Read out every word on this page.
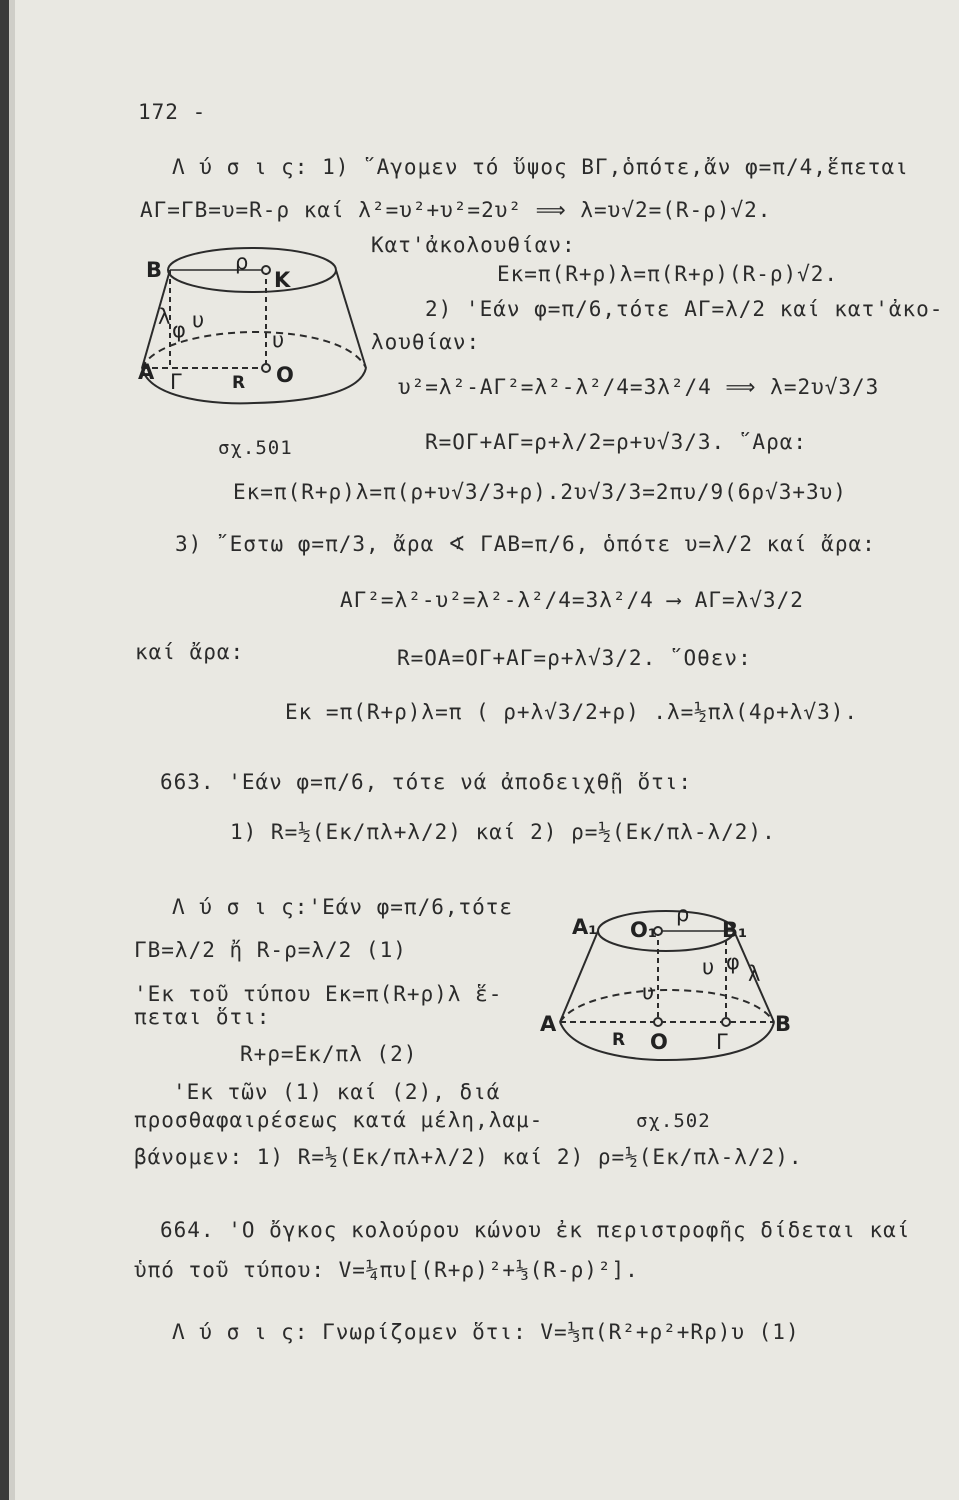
172 -
Λ ύ σ ι ς: 1) ῞Αγομεν τό ὕψος ΒΓ,ὁπότε,ἄν φ=π/4,ἕπεται
ΑΓ=ΓΒ=υ=R-ρ καί λ²=υ²+υ²=2υ² ⟹ λ=υ√2=(R-ρ)√2.
Κατ'ἀκολουθίαν:
Eκ=π(R+ρ)λ=π(R+ρ)(R-ρ)√2.
2) 'Εάν φ=π/6,τότε ΑΓ=λ/2 καί κατ'ἀκο-
λουθίαν:
υ²=λ²-ΑΓ²=λ²-λ²/4=3λ²/4 ⟹ λ=2υ√3/3
R=ΟΓ+ΑΓ=ρ+λ/2=ρ+υ√3/3. ῞Αρα:
Eκ=π(R+ρ)λ=π(ρ+υ√3/3+ρ).2υ√3/3=2πυ/9(6ρ√3+3υ)
3) ῎Εστω φ=π/3, ἄρα ∢ ΓΑΒ=π/6, ὁπότε υ=λ/2 καί ἄρα:
ΑΓ²=λ²-υ²=λ²-λ²/4=3λ²/4 ⟶ ΑΓ=λ√3/2
καί ἄρα:	R=ΟΑ=ΟΓ+ΑΓ=ρ+λ√3/2. ῞Οθεν:
Eκ =π(R+ρ)λ=π ( ρ+λ√3/2+ρ) .λ=½πλ(4ρ+λ√3).
663. 'Εάν φ=π/6, τότε νά ἀποδειχθῇ ὅτι:
1) R=½(Eκ/πλ+λ/2) καί 2) ρ=½(Eκ/πλ-λ/2).
Λ ύ σ ι ς:'Εάν φ=π/6,τότε
ΓΒ=λ/2 ἤ R-ρ=λ/2 (1)
'Εκ τοῦ τύπου Eκ=π(R+ρ)λ ἕ-
πεται ὅτι:
R+ρ=Eκ/πλ (2)
'Εκ τῶν (1) καί (2), διά
προσθαφαιρέσεως κατά μέλη,λαμ-
βάνομεν: 1) R=½(Eκ/πλ+λ/2) καί 2) ρ=½(Eκ/πλ-λ/2).
664. 'Ο ὄγκος κολούρου κώνου ἐκ περιστροφῆς δίδεται καί
ὑπό τοῦ τύπου: V=¼πυ[(R+ρ)²+⅓(R-ρ)²].
Λ ύ σ ι ς: Γνωρίζομεν ὅτι: V=⅓π(R²+ρ²+Rρ)υ (1)
B	ρ
K
λ
φ υ
υ
A Γ	R O
σχ.501
A₁ O₁
ρ
B₁
υ φ λ
υ
A
R O Γ
B
σχ.502
